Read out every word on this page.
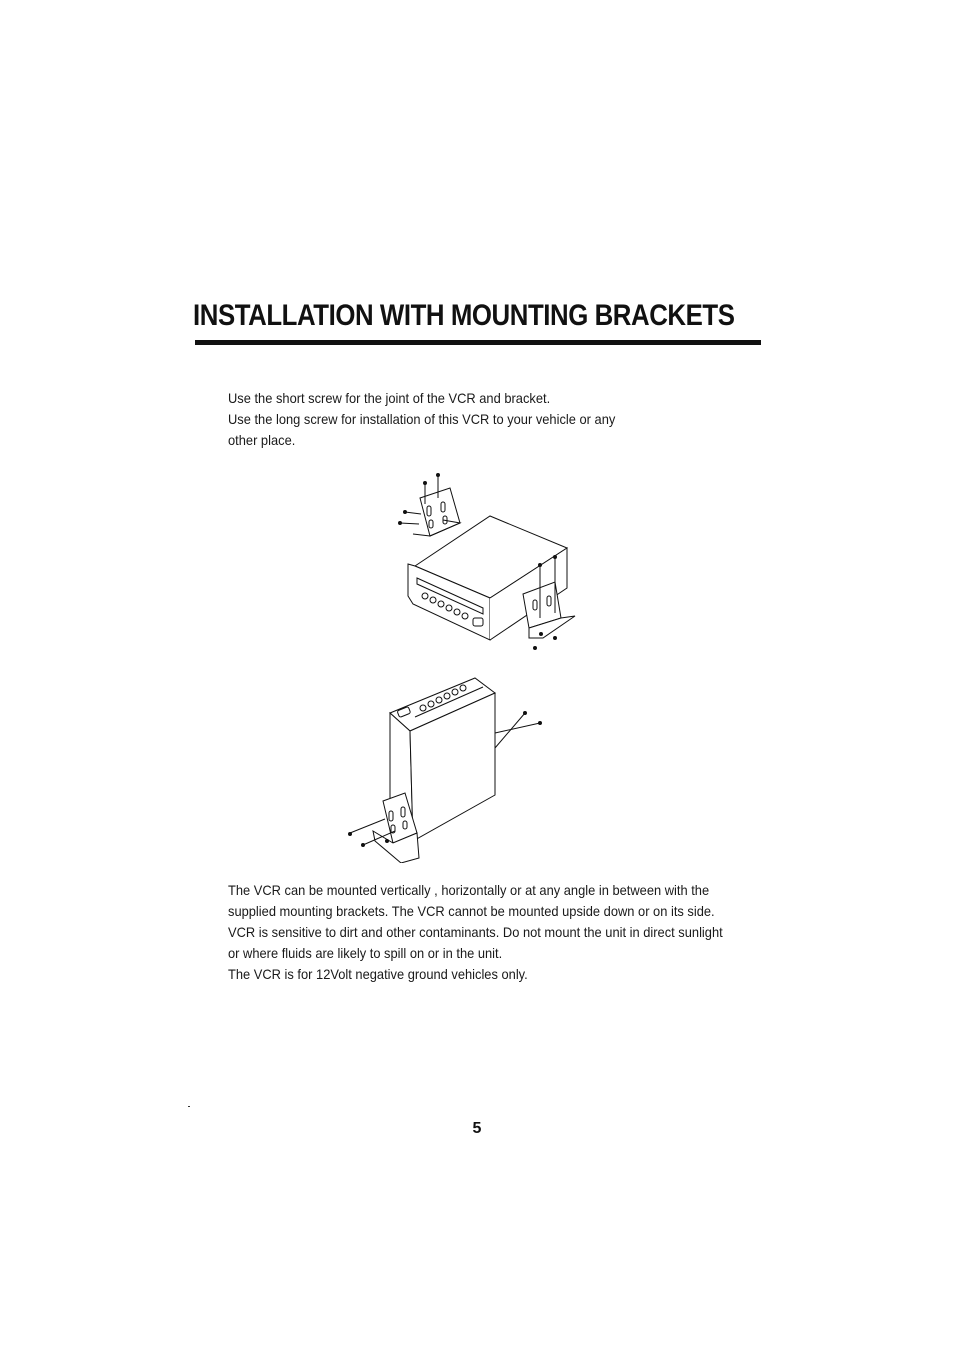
INSTALLATION WITH MOUNTING BRACKETS

Use the short screw for the joint of the VCR and bracket.

Use the long screw for installation of this VCR to your vehicle or any

other place.

The VCR can be mounted vertically , horizontally or at any angle in between with the

supplied mounting brackets. The VCR cannot be mounted upside down or on its side.

VCR is sensitive to dirt and other contaminants. Do not mount the unit in direct sunlight

or where fluids are likely to spill on or in the unit.

The VCR is for 12Volt negative ground vehicles only.

5
